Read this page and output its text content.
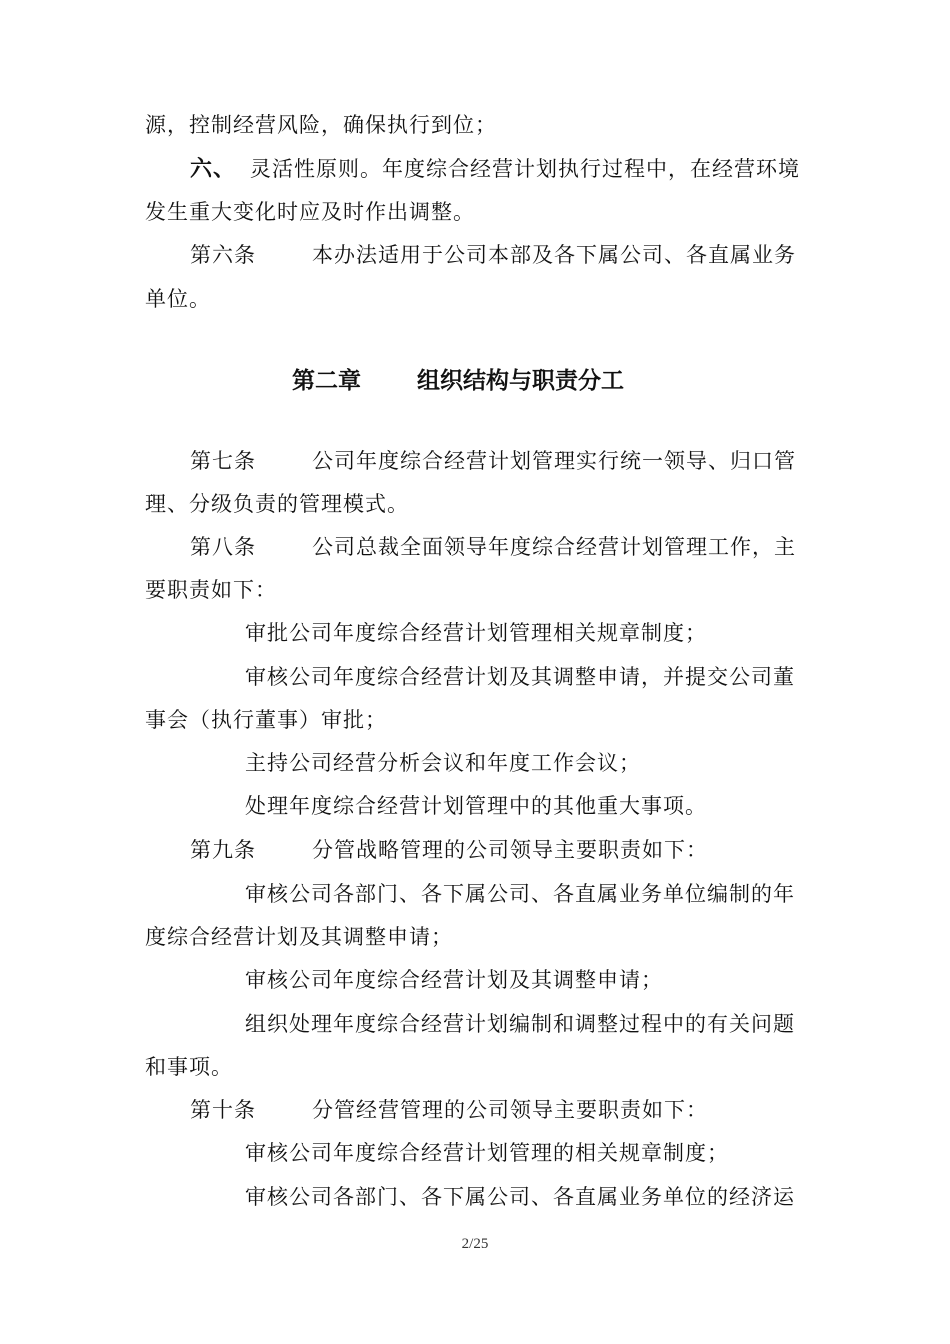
源，控制经营风险，确保执行到位；
六、 灵活性原则。年度综合经营计划执行过程中，在经营环境
发生重大变化时应及时作出调整。
第六条	本办法适用于公司本部及各下属公司、各直属业务
单位。
第二章 组织结构与职责分工
第七条	公司年度综合经营计划管理实行统一领导、归口管
理、分级负责的管理模式。
第八条	公司总裁全面领导年度综合经营计划管理工作，主
要职责如下：
审批公司年度综合经营计划管理相关规章制度；
审核公司年度综合经营计划及其调整申请，并提交公司董
事会（执行董事）审批；
主持公司经营分析会议和年度工作会议；
处理年度综合经营计划管理中的其他重大事项。
第九条	分管战略管理的公司领导主要职责如下：
审核公司各部门、各下属公司、各直属业务单位编制的年
度综合经营计划及其调整申请；
审核公司年度综合经营计划及其调整申请；
组织处理年度综合经营计划编制和调整过程中的有关问题
和事项。
第十条	分管经营管理的公司领导主要职责如下：
审核公司年度综合经营计划管理的相关规章制度；
审核公司各部门、各下属公司、各直属业务单位的经济运
2/25
